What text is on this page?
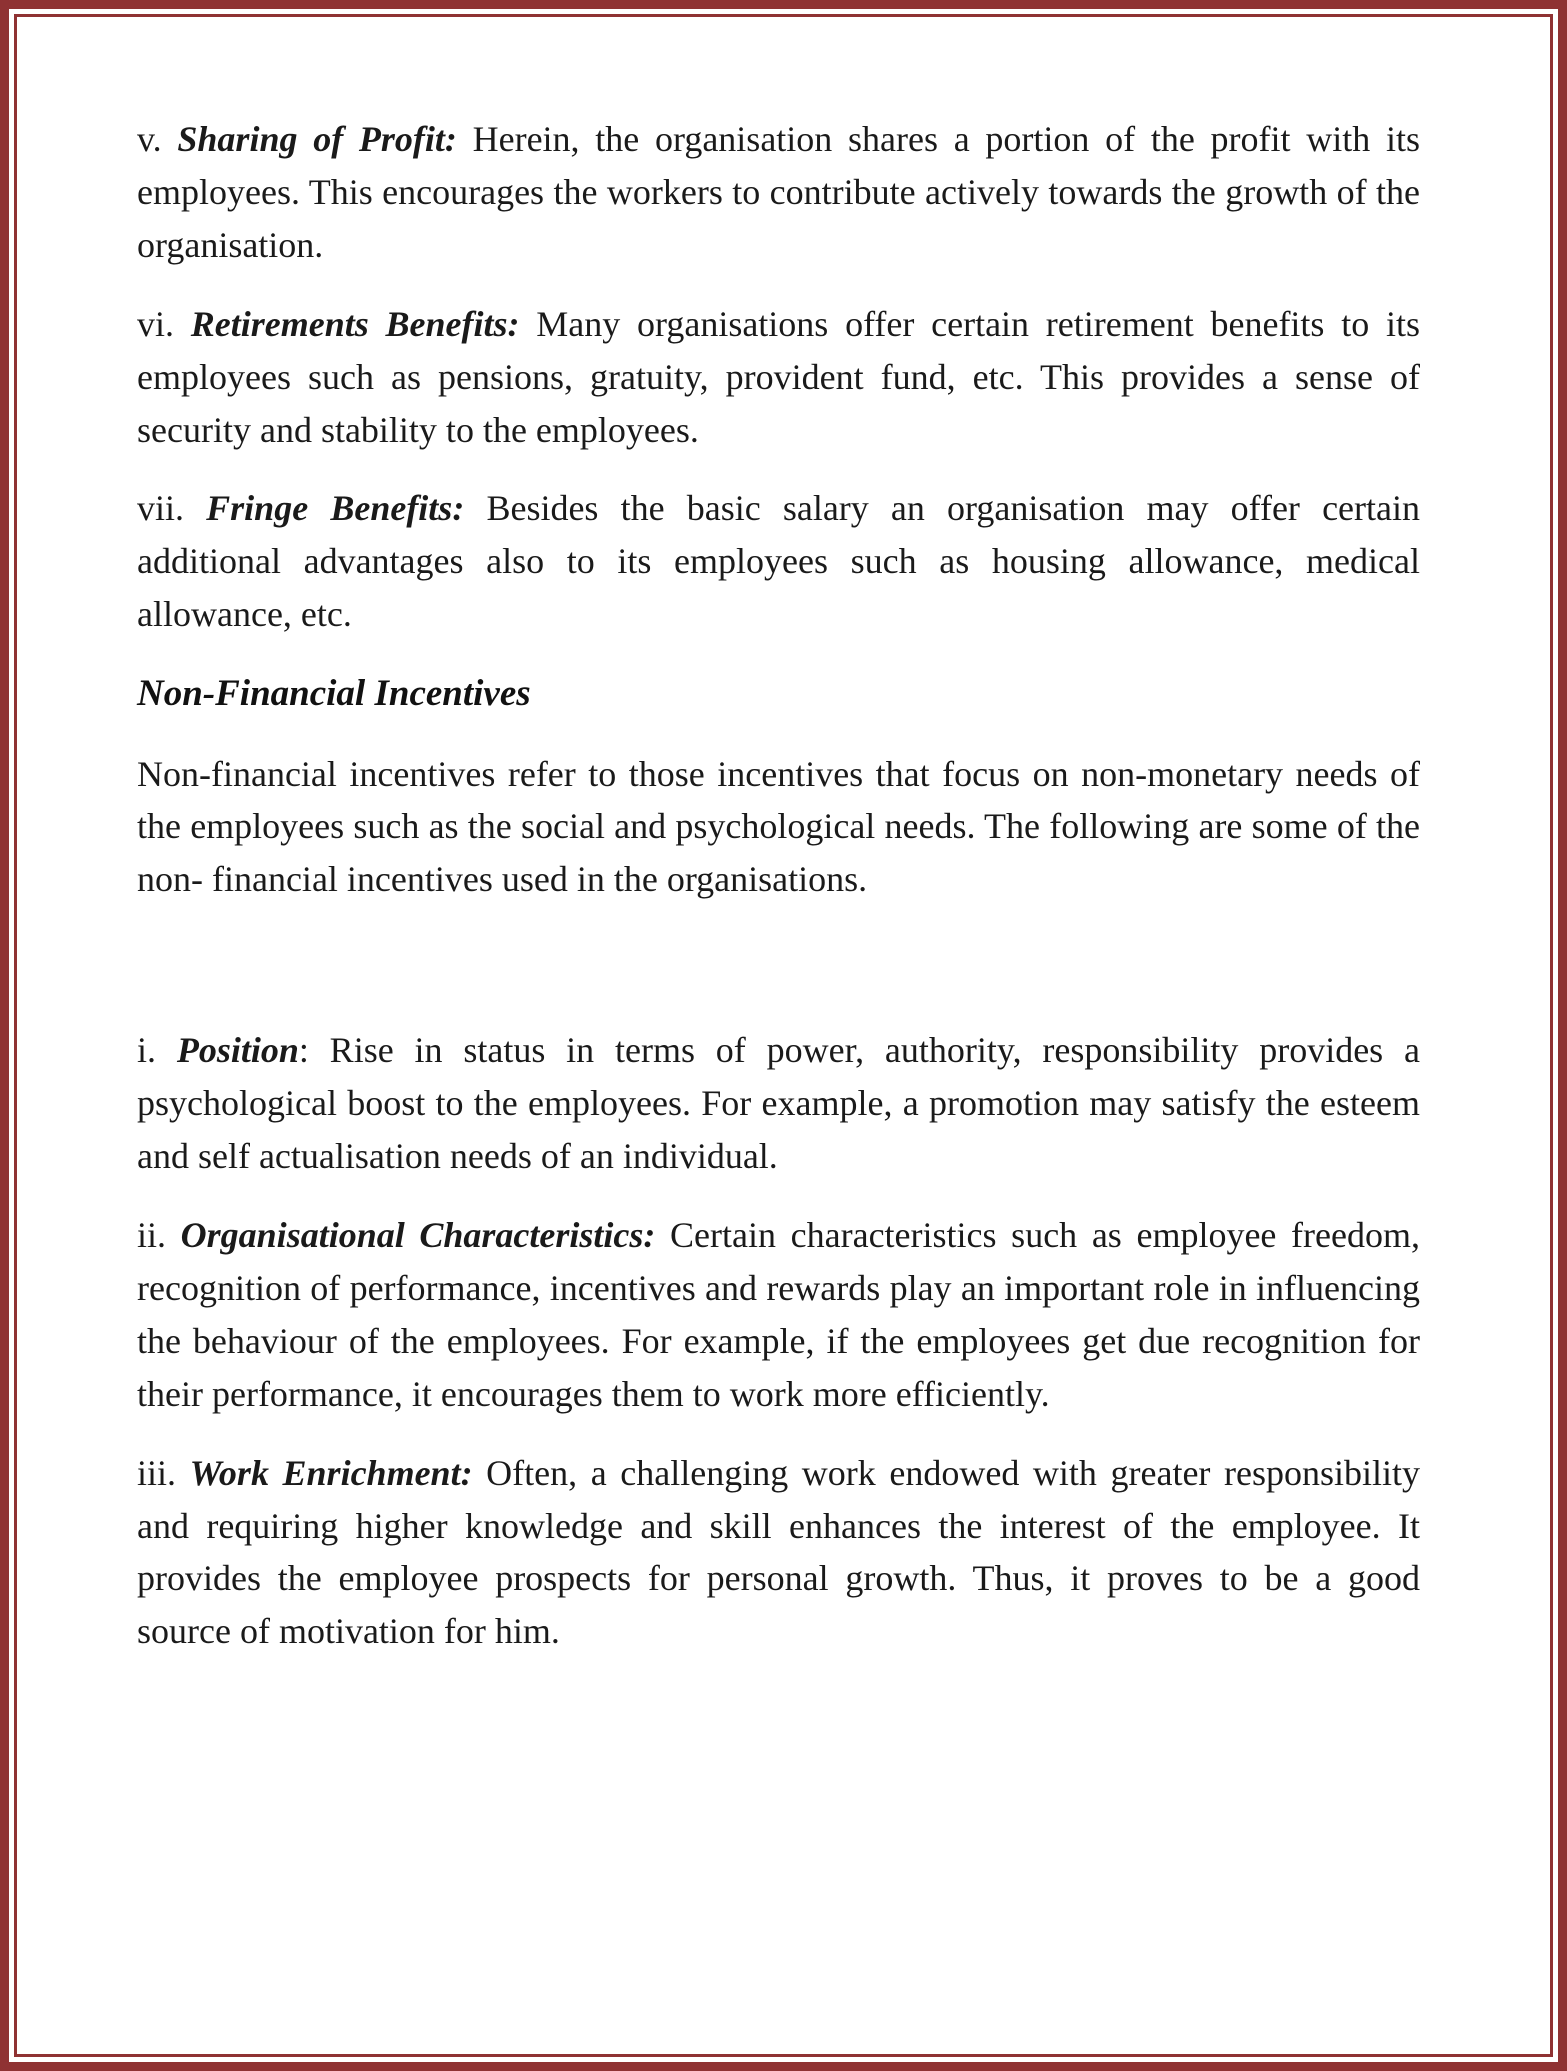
v. Sharing of Profit: Herein, the organisation shares a portion of the profit with its employees. This encourages the workers to contribute actively towards the growth of the organisation.

vi. Retirements Benefits: Many organisations offer certain retirement benefits to its employees such as pensions, gratuity, provident fund, etc. This provides a sense of security and stability to the employees.

vii. Fringe Benefits: Besides the basic salary an organisation may offer certain additional advantages also to its employees such as housing allowance, medical allowance, etc.

Non-Financial Incentives

Non-financial incentives refer to those incentives that focus on non-monetary needs of the employees such as the social and psychological needs. The following are some of the non- financial incentives used in the organisations.

i. Position: Rise in status in terms of power, authority, responsibility provides a psychological boost to the employees. For example, a promotion may satisfy the esteem and self actualisation needs of an individual.

ii. Organisational Characteristics: Certain characteristics such as employee freedom, recognition of performance, incentives and rewards play an important role in influencing the behaviour of the employees. For example, if the employees get due recognition for their performance, it encourages them to work more efficiently.

iii. Work Enrichment: Often, a challenging work endowed with greater responsibility and requiring higher knowledge and skill enhances the interest of the employee. It provides the employee prospects for personal growth. Thus, it proves to be a good source of motivation for him.
